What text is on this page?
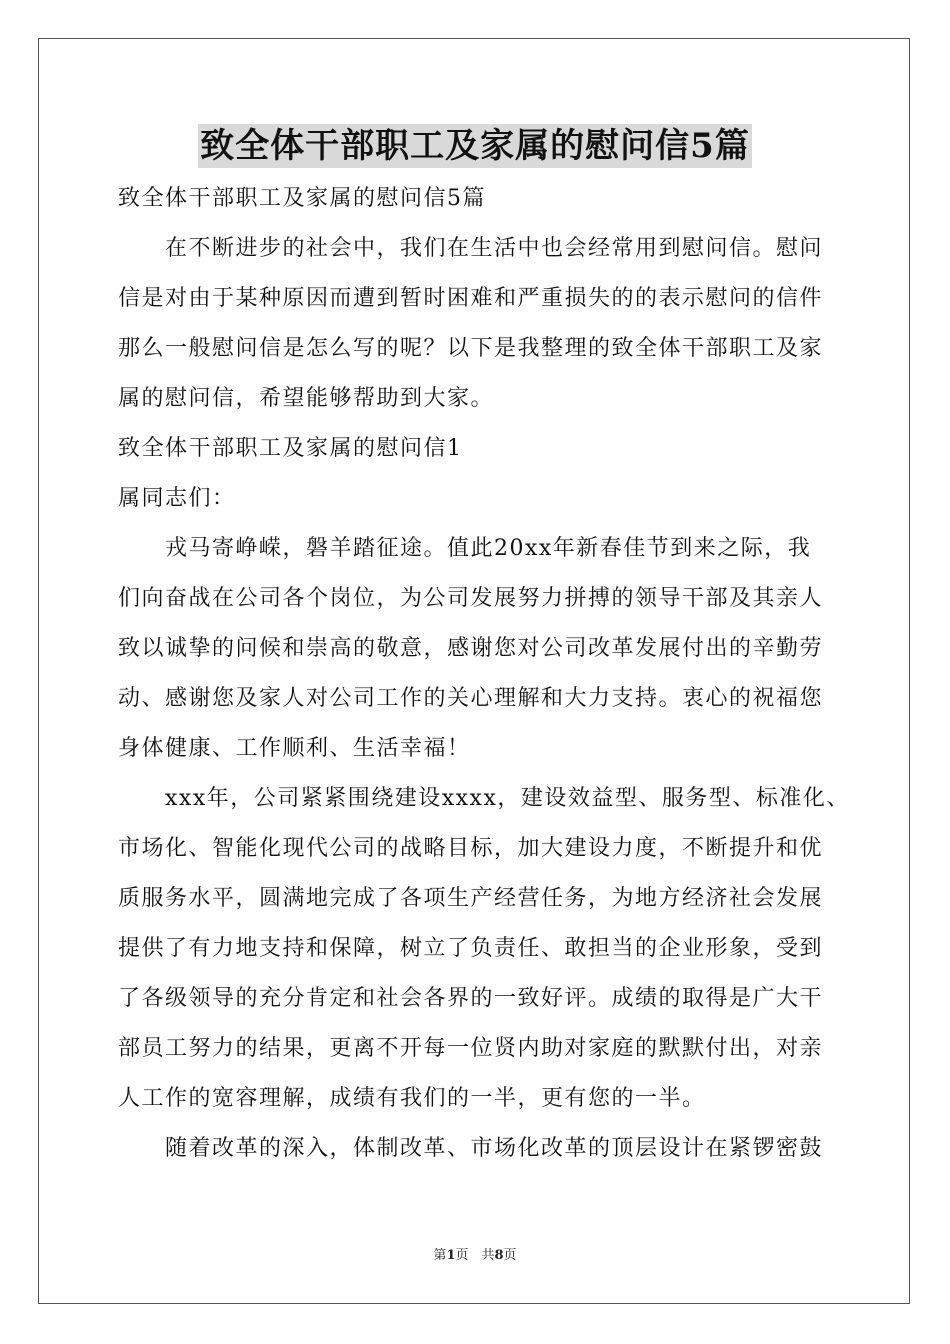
致全体干部职工及家属的慰问信5篇
致全体干部职工及家属的慰问信5篇
　　在不断进步的社会中，我们在生活中也会经常用到慰问信。慰问
信是对由于某种原因而遭到暂时困难和严重损失的的表示慰问的信件
那么一般慰问信是怎么写的呢？以下是我整理的致全体干部职工及家
属的慰问信，希望能够帮助到大家。
致全体干部职工及家属的慰问信1
属同志们：
　　戎马寄峥嵘，磐羊踏征途。值此20xx年新春佳节到来之际，我
们向奋战在公司各个岗位，为公司发展努力拼搏的领导干部及其亲人
致以诚挚的问候和崇高的敬意，感谢您对公司改革发展付出的辛勤劳
动、感谢您及家人对公司工作的关心理解和大力支持。衷心的祝福您
身体健康、工作顺利、生活幸福！
　　xxx年，公司紧紧围绕建设xxxx，建设效益型、服务型、标准化、
市场化、智能化现代公司的战略目标，加大建设力度，不断提升和优
质服务水平，圆满地完成了各项生产经营任务，为地方经济社会发展
提供了有力地支持和保障，树立了负责任、敢担当的企业形象，受到
了各级领导的充分肯定和社会各界的一致好评。成绩的取得是广大干
部员工努力的结果，更离不开每一位贤内助对家庭的默默付出，对亲
人工作的宽容理解，成绩有我们的一半，更有您的一半。
　　随着改革的深入，体制改革、市场化改革的顶层设计在紧锣密鼓
第1页　共8页
